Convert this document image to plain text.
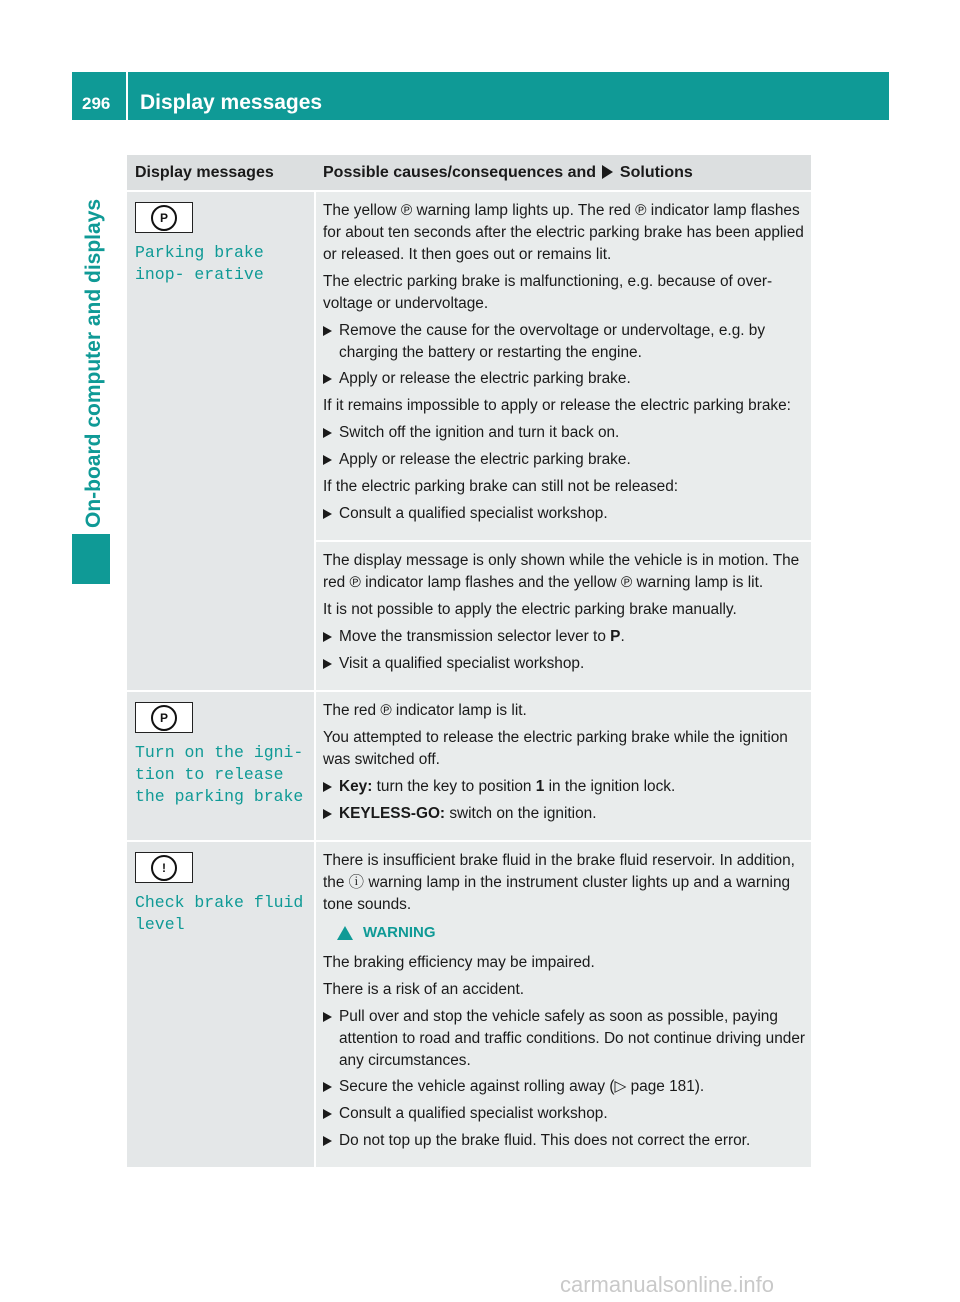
296 Display messages
On-board computer and displays
Display messages	Possible causes/consequences and Solutions
P
Parking brake inop‐ erative

The yellow ℗ warning lamp lights up. The red ℗ indicator lamp flashes for about ten seconds after the electric parking brake has been applied or released. It then goes out or remains lit.

The electric parking brake is malfunctioning, e.g. because of overvoltage or undervoltage.

Remove the cause for the overvoltage or undervoltage, e.g. by charging the battery or restarting the engine.
Apply or release the electric parking brake.

If it remains impossible to apply or release the electric parking brake:

Switch off the ignition and turn it back on.
Apply or release the electric parking brake.

If the electric parking brake can still not be released:

Consult a qualified specialist workshop.

The display message is only shown while the vehicle is in motion. The red ℗ indicator lamp flashes and the yellow ℗ warning lamp is lit.

It is not possible to apply the electric parking brake manually.

Move the transmission selector lever to P.
Visit a qualified specialist workshop.
P
Turn on the igni‐ tion to release the parking brake

The red ℗ indicator lamp is lit.

You attempted to release the electric parking brake while the ignition was switched off.

Key: turn the key to position 1 in the ignition lock.
KEYLESS-GO: switch on the ignition.
!
Check brake fluid level

There is insufficient brake fluid in the brake fluid reservoir. In addition, the ⓘ warning lamp in the instrument cluster lights up and a warning tone sounds.

WARNING

The braking efficiency may be impaired.

There is a risk of an accident.

Pull over and stop the vehicle safely as soon as possible, paying attention to road and traffic conditions. Do not continue driving under any circumstances.
Secure the vehicle against rolling away (▷ page 181).
Consult a qualified specialist workshop.
Do not top up the brake fluid. This does not correct the error.
carmanualsonline.info
